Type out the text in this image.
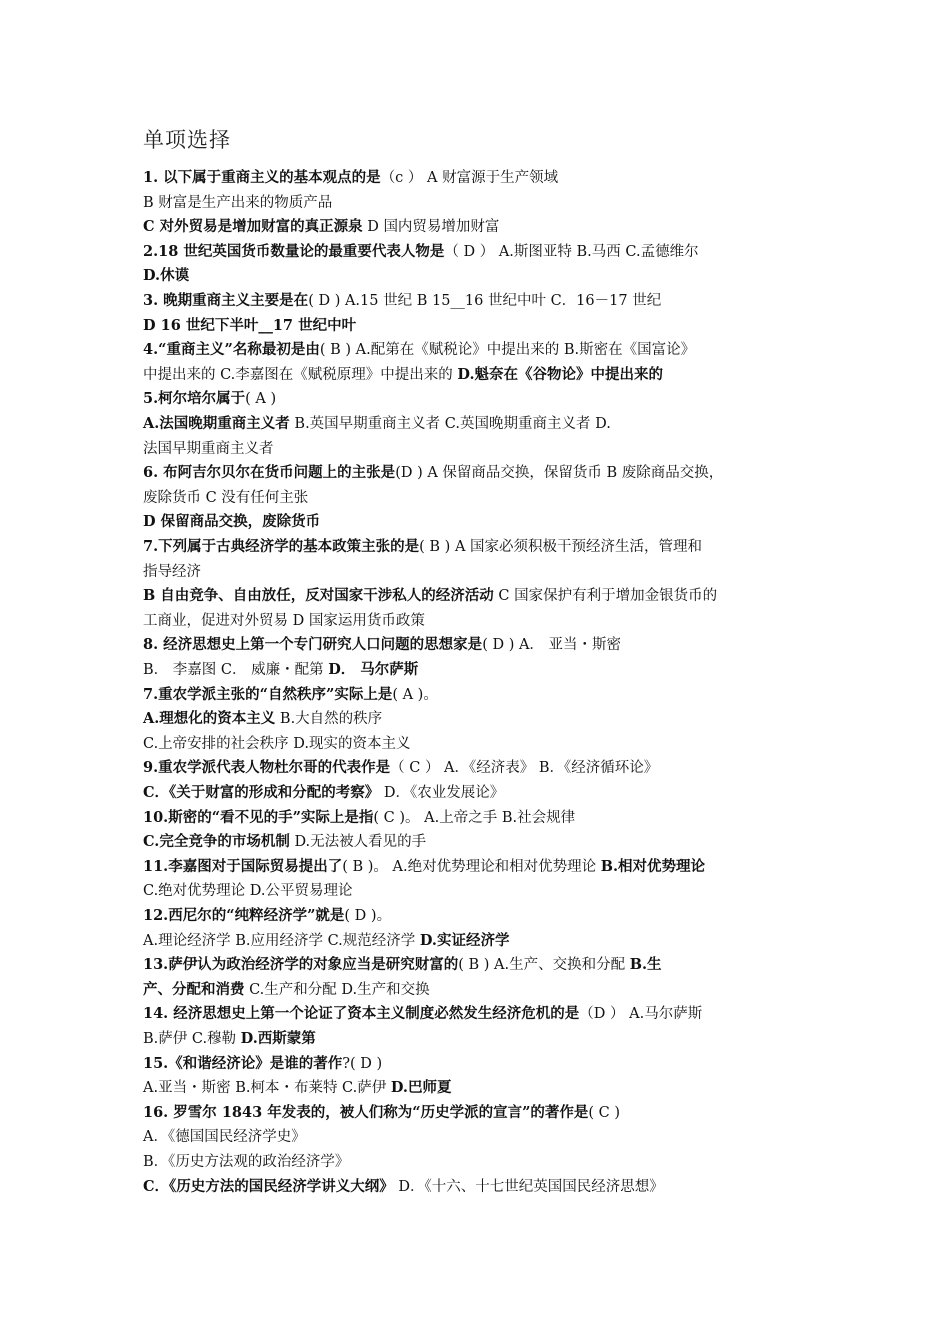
单项选择
1. 以下属于重商主义的基本观点的是（c ） A 财富源于生产领域
B 财富是生产出来的物质产品
C 对外贸易是增加财富的真正源泉 D 国内贸易增加财富
2.18 世纪英国货币数量论的最重要代表人物是（ D ） A.斯图亚特 B.马西 C.孟德维尔
D.休谟
3. 晚期重商主义主要是在( D ) A.15 世纪 B 15__16 世纪中叶 C．16－17 世纪
D 16 世纪下半叶__17 世纪中叶
4.“重商主义”名称最初是由( B ) A.配第在《赋税论》中提出来的 B.斯密在《国富论》
中提出来的 C.李嘉图在《赋税原理》中提出来的 D.魁奈在《谷物论》中提出来的
5.柯尔培尔属于( A )
A.法国晚期重商主义者 B.英国早期重商主义者 C.英国晚期重商主义者 D.
法国早期重商主义者
6. 布阿吉尔贝尔在货币问题上的主张是(D ) A 保留商品交换，保留货币 B 废除商品交换，
废除货币 C 没有任何主张
D 保留商品交换，废除货币
7.下列属于古典经济学的基本政策主张的是( B ) A 国家必须积极干预经济生活，管理和
指导经济
B 自由竞争、自由放任，反对国家干涉私人的经济活动 C 国家保护有利于增加金银货币的
工商业，促进对外贸易 D 国家运用货币政策
8. 经济思想史上第一个专门研究人口问题的思想家是( D ) A． 亚当・斯密
B． 李嘉图 C． 威廉・配第 D． 马尔萨斯
7.重农学派主张的“自然秩序”实际上是( A )。
A.理想化的资本主义 B.大自然的秩序
C.上帝安排的社会秩序 D.现实的资本主义
9.重农学派代表人物杜尔哥的代表作是（ C ） A．《经济表》 B．《经济循环论》
C．《关于财富的形成和分配的考察》 D．《农业发展论》
10.斯密的“看不见的手”实际上是指( C )。 A.上帝之手 B.社会规律
C.完全竞争的市场机制 D.无法被人看见的手
11.李嘉图对于国际贸易提出了( B )。 A.绝对优势理论和相对优势理论 B.相对优势理论
C.绝对优势理论 D.公平贸易理论
12.西尼尔的“纯粹经济学”就是( D )。
A.理论经济学 B.应用经济学 C.规范经济学 D.实证经济学
13.萨伊认为政治经济学的对象应当是研究财富的( B ) A.生产、交换和分配 B.生
产、分配和消费 C.生产和分配 D.生产和交换
14. 经济思想史上第一个论证了资本主义制度必然发生经济危机的是（D ） A.马尔萨斯
B.萨伊 C.穆勒 D.西斯蒙第
15.《和谐经济论》是谁的著作?( D )
A.亚当・斯密 B.柯本・布莱特 C.萨伊 D.巴师夏
16. 罗雪尔 1843 年发表的，被人们称为“历史学派的宣言”的著作是( C )
A．《德国国民经济学史》
B．《历史方法观的政治经济学》
C．《历史方法的国民经济学讲义大纲》 D．《十六、十七世纪英国国民经济思想》
